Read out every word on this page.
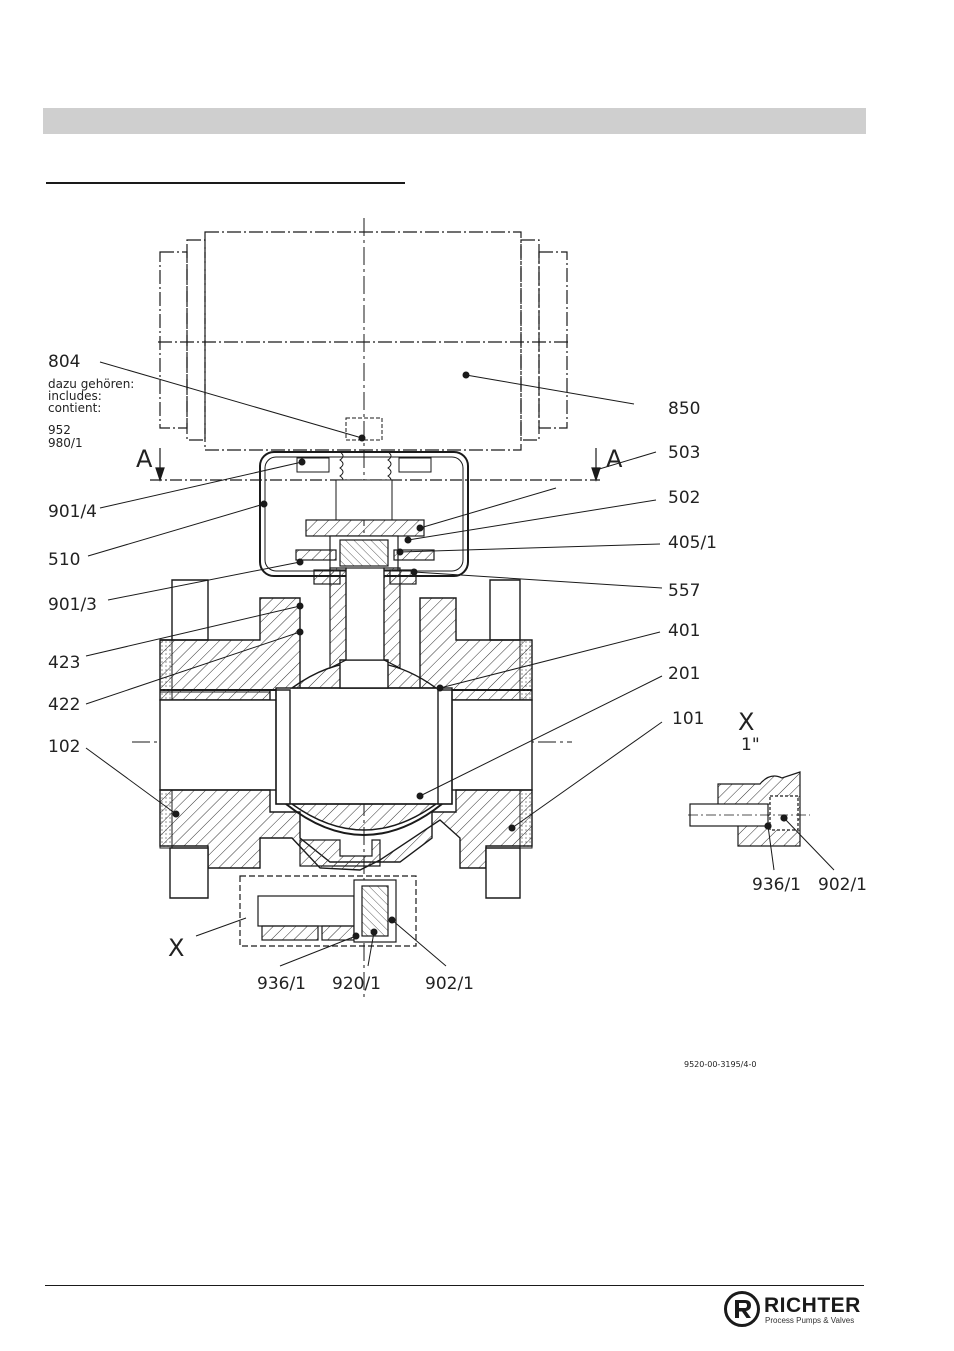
804
dazu gehören:
includes:
contient:
952
980/1
A	A
850
503
502
405/1
557
401
201
101
901/4
510
901/3
423
422
102
X
936/1 920/1	902/1
X
1"
936/1 902/1
9520-00-3195/4-0
RICHTER
Process Pumps & Valves
